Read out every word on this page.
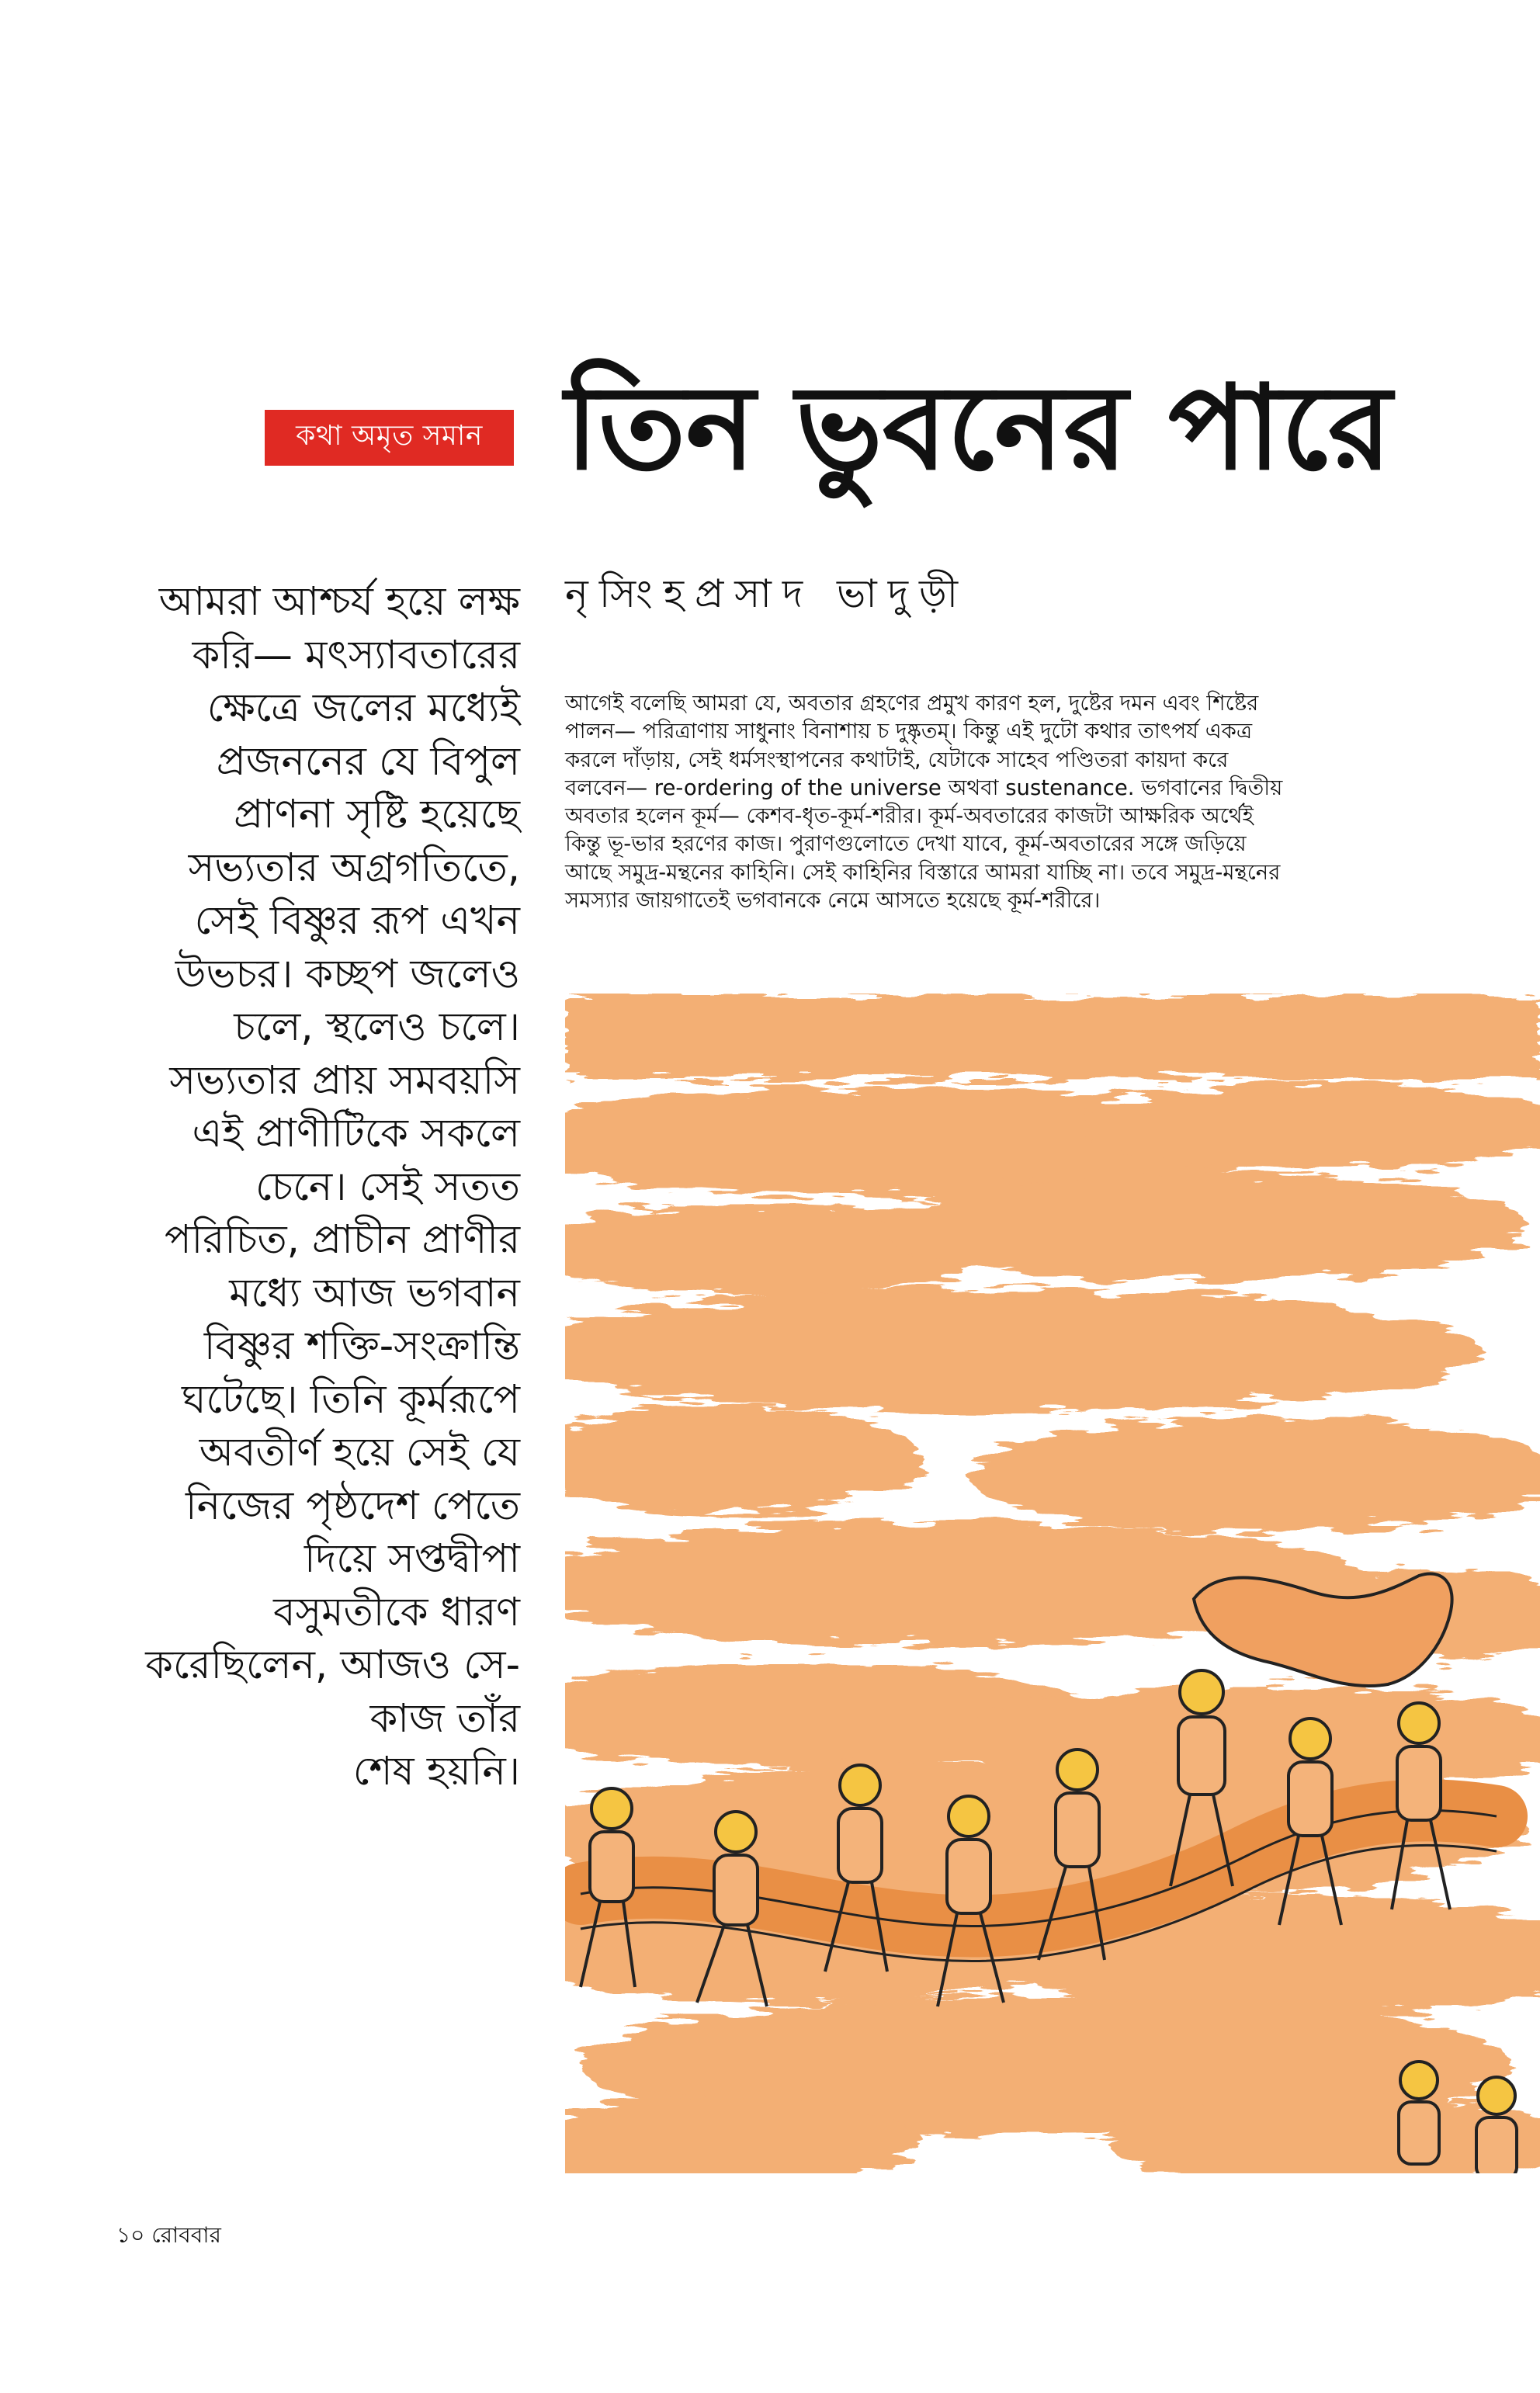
কথা অমৃত সমান তিন ভুবনের পারে
নৃসিংহপ্রসাদ ভাদুড়ী
আমরা আশ্চর্য হয়ে লক্ষ
করি— মৎস্যাবতারের
ক্ষেত্রে জলের মধ্যেই
প্রজননের যে বিপুল
প্রাণনা সৃষ্টি হয়েছে
সভ্যতার অগ্রগতিতে,
সেই বিষ্ণুর রূপ এখন
উভচর। কচ্ছপ জলেও
চলে, স্থলেও চলে।
সভ্যতার প্রায় সমবয়সি
এই প্রাণীটিকে সকলে
চেনে। সেই সতত
পরিচিত, প্রাচীন প্রাণীর
মধ্যে আজ ভগবান
বিষ্ণুর শক্তি-সংক্রান্তি
ঘটেছে। তিনি কূর্মরূপে
অবতীর্ণ হয়ে সেই যে
নিজের পৃষ্ঠদেশ পেতে
দিয়ে সপ্তদ্বীপা
বসুমতীকে ধারণ
করেছিলেন, আজও সে-
কাজ তাঁর
শেষ হয়নি।
আগেই বলেছি আমরা যে, অবতার গ্রহণের প্রমুখ কারণ হল, দুষ্টের দমন এবং শিষ্টের
পালন— পরিত্রাণায় সাধুনাং বিনাশায় চ দুষ্কৃতম্। কিন্তু এই দুটো কথার তাৎপর্য একত্র
করলে দাঁড়ায়, সেই ধর্মসংস্থাপনের কথাটাই, যেটাকে সাহেব পণ্ডিতরা কায়দা করে
বলবেন— re-ordering of the universe অথবা sustenance. ভগবানের দ্বিতীয়
অবতার হলেন কূর্ম— কেশব-ধৃত-কূর্ম-শরীর। কূর্ম-অবতারের কাজটা আক্ষরিক অর্থেই
কিন্তু ভূ-ভার হরণের কাজ। পুরাণগুলোতে দেখা যাবে, কূর্ম-অবতারের সঙ্গে জড়িয়ে
আছে সমুদ্র-মন্থনের কাহিনি। সেই কাহিনির বিস্তারে আমরা যাচ্ছি না। তবে সমুদ্র-মন্থনের
সমস্যার জায়গাতেই ভগবানকে নেমে আসতে হয়েছে কূর্ম-শরীরে।
১০ রোববার
